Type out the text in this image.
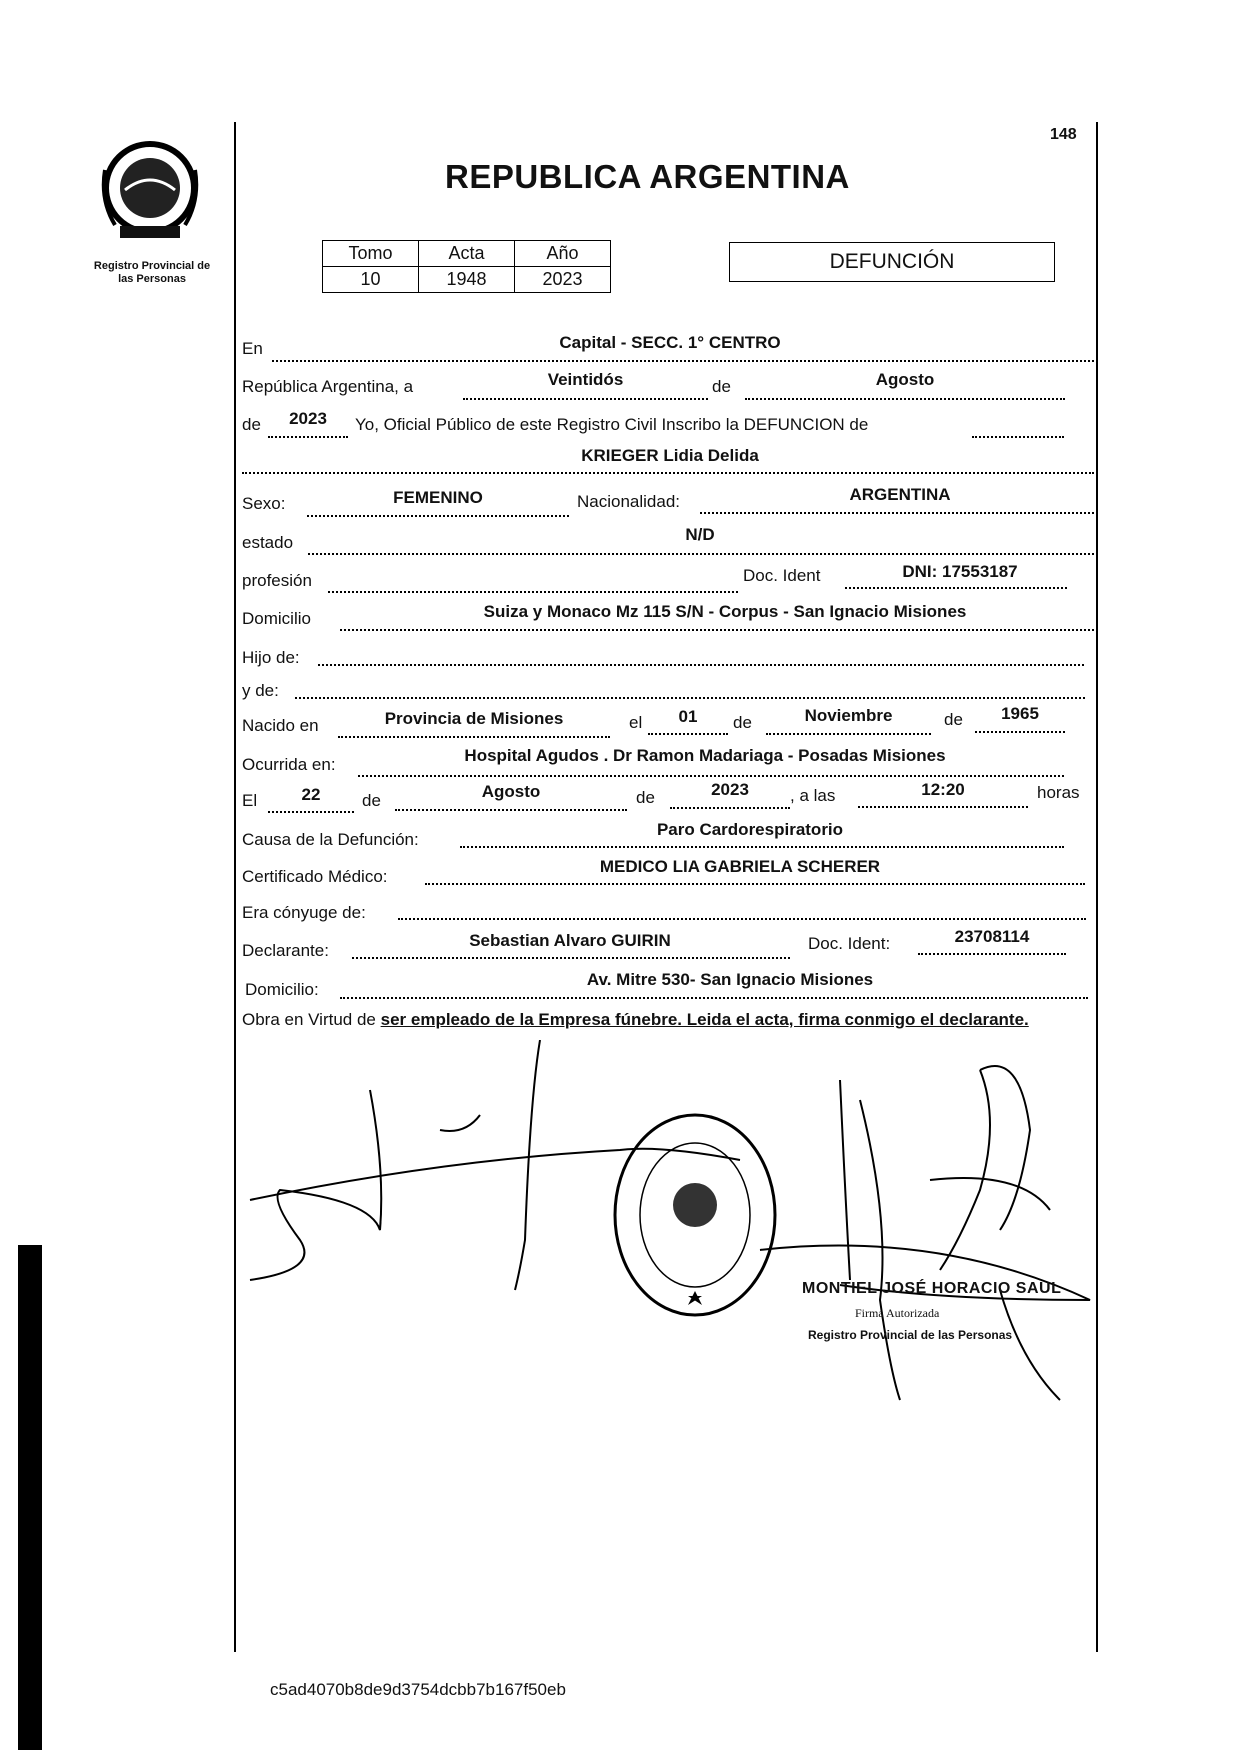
Registro Provincial de
las Personas
148
REPUBLICA ARGENTINA
Tomo	Acta	Año
10	1948	2023
DEFUNCIÓN
En	Capital - SECC. 1° CENTRO
República Argentina, a	Veintidós	de	Agosto
de	2023	Yo, Oficial Público de este Registro Civil Inscribo la DEFUNCION de
KRIEGER Lidia Delida
Sexo:	FEMENINO	Nacionalidad:	ARGENTINA
estado	N/D
profesión	Doc. Ident	DNI: 17553187
Domicilio	Suiza y Monaco Mz 115 S/N - Corpus - San Ignacio Misiones
Hijo de:
y de:
Nacido en	Provincia de Misiones	el	01	de	Noviembre	de	1965
Ocurrida en:	Hospital Agudos . Dr Ramon Madariaga - Posadas Misiones
El	22	de	Agosto	de	2023	, a las	12:20	horas
Causa de la Defunción:
Paro Cardorespiratorio
Certificado Médico:
MEDICO LIA GABRIELA SCHERER
Era cónyuge de:
Declarante:
Sebastian Alvaro GUIRIN	Doc. Ident:	23708114
Domicilio:
Av. Mitre 530- San Ignacio Misiones
Obra en Virtud de ser empleado de la Empresa fúnebre. Leida el acta, firma conmigo el declarante.
MONTIEL JOSÉ HORACIO SAUL
Firma Autorizada
Registro Provincial de las Personas
c5ad4070b8de9d3754dcbb7b167f50eb
